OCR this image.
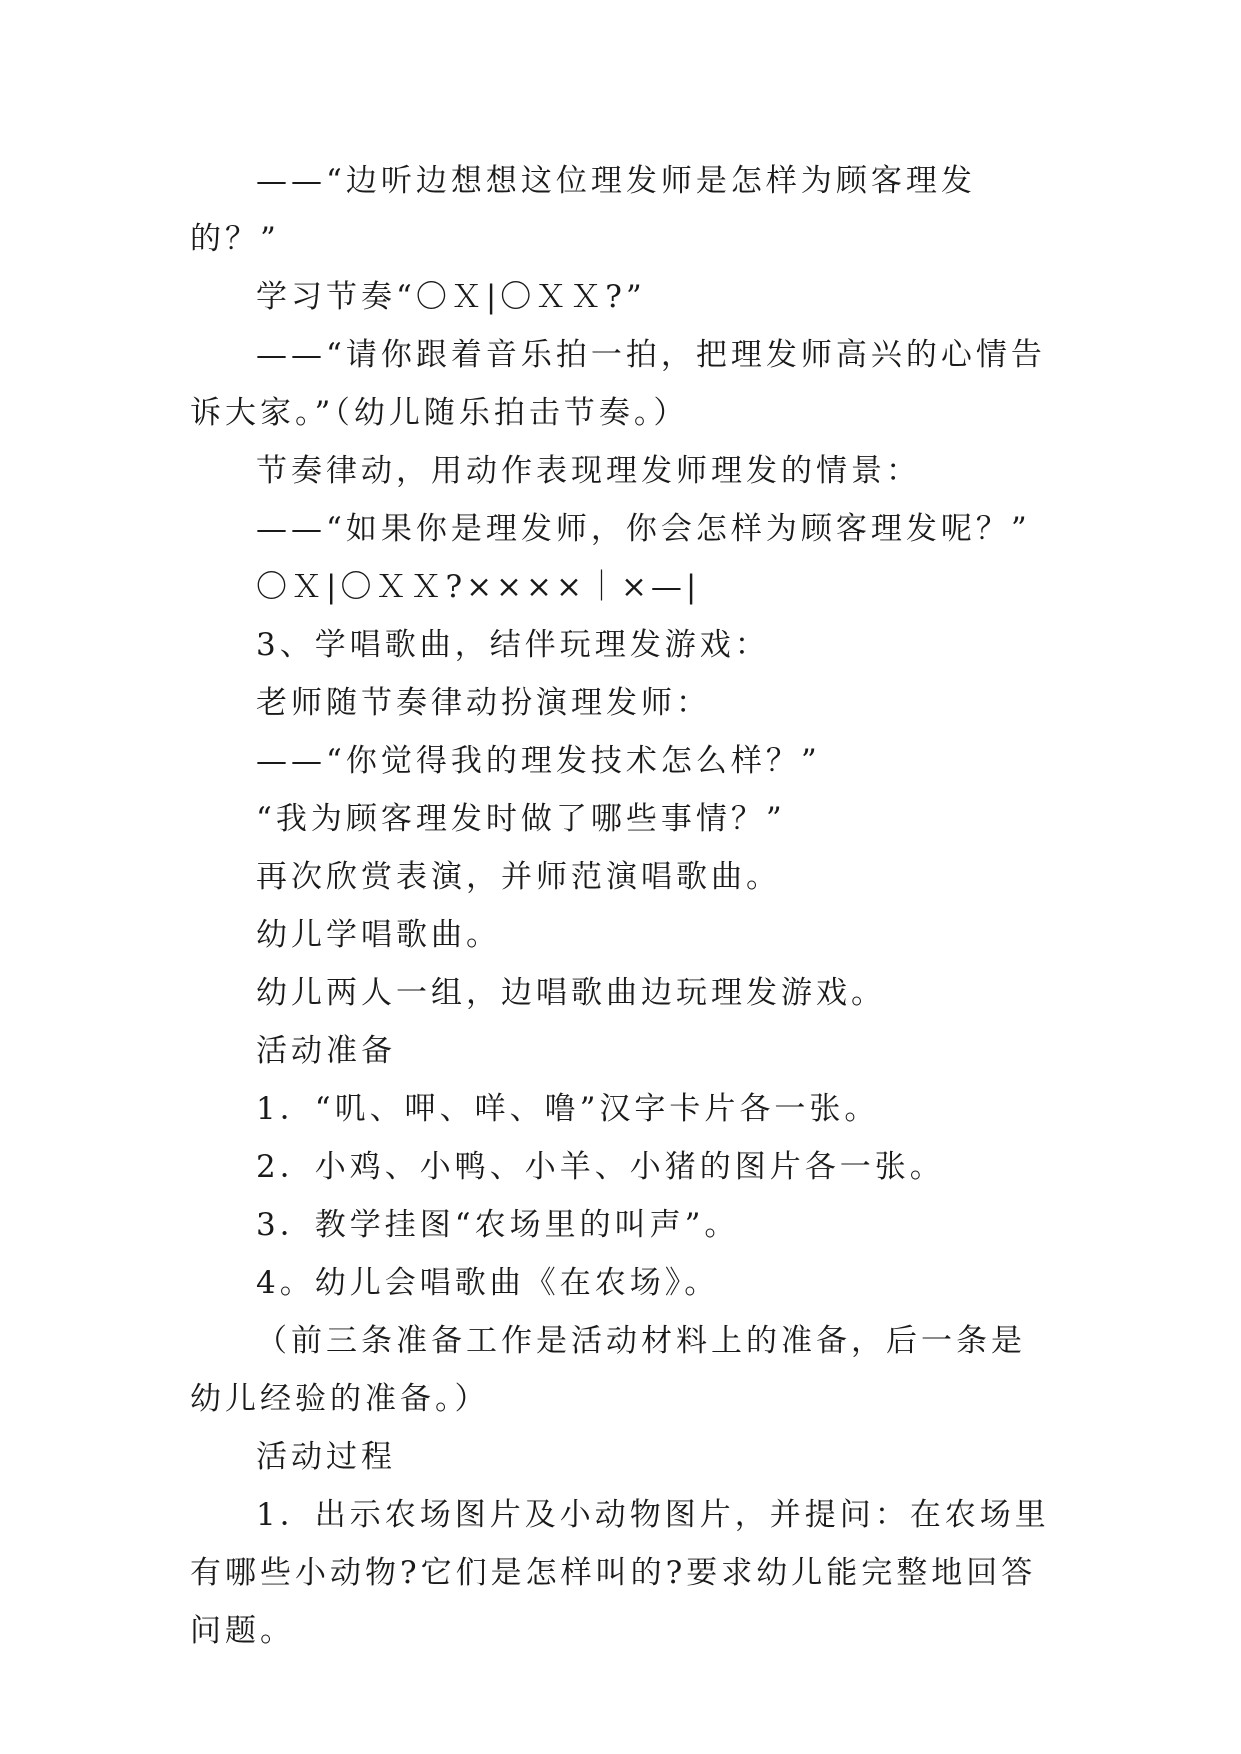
——“边听边想想这位理发师是怎样为顾客理发的？”

学习节奏“〇Ｘ|〇ＸＸ?”

——“请你跟着音乐拍一拍，把理发师高兴的心情告诉大家。”（幼儿随乐拍击节奏。）

节奏律动，用动作表现理发师理发的情景：

——“如果你是理发师，你会怎样为顾客理发呢？”

〇Ｘ|〇ＸＸ?××××｜×—|

3、学唱歌曲，结伴玩理发游戏：

老师随节奏律动扮演理发师：

——“你觉得我的理发技术怎么样？”

“我为顾客理发时做了哪些事情？”

再次欣赏表演，并师范演唱歌曲。

幼儿学唱歌曲。

幼儿两人一组，边唱歌曲边玩理发游戏。

活动准备

1．“叽、呷、咩、噜”汉字卡片各一张。

2．小鸡、小鸭、小羊、小猪的图片各一张。

3．教学挂图“农场里的叫声”。

4。幼儿会唱歌曲《在农场》。

（前三条准备工作是活动材料上的准备，后一条是幼儿经验的准备。）

活动过程

1．出示农场图片及小动物图片，并提问：在农场里有哪些小动物?它们是怎样叫的?要求幼儿能完整地回答问题。
